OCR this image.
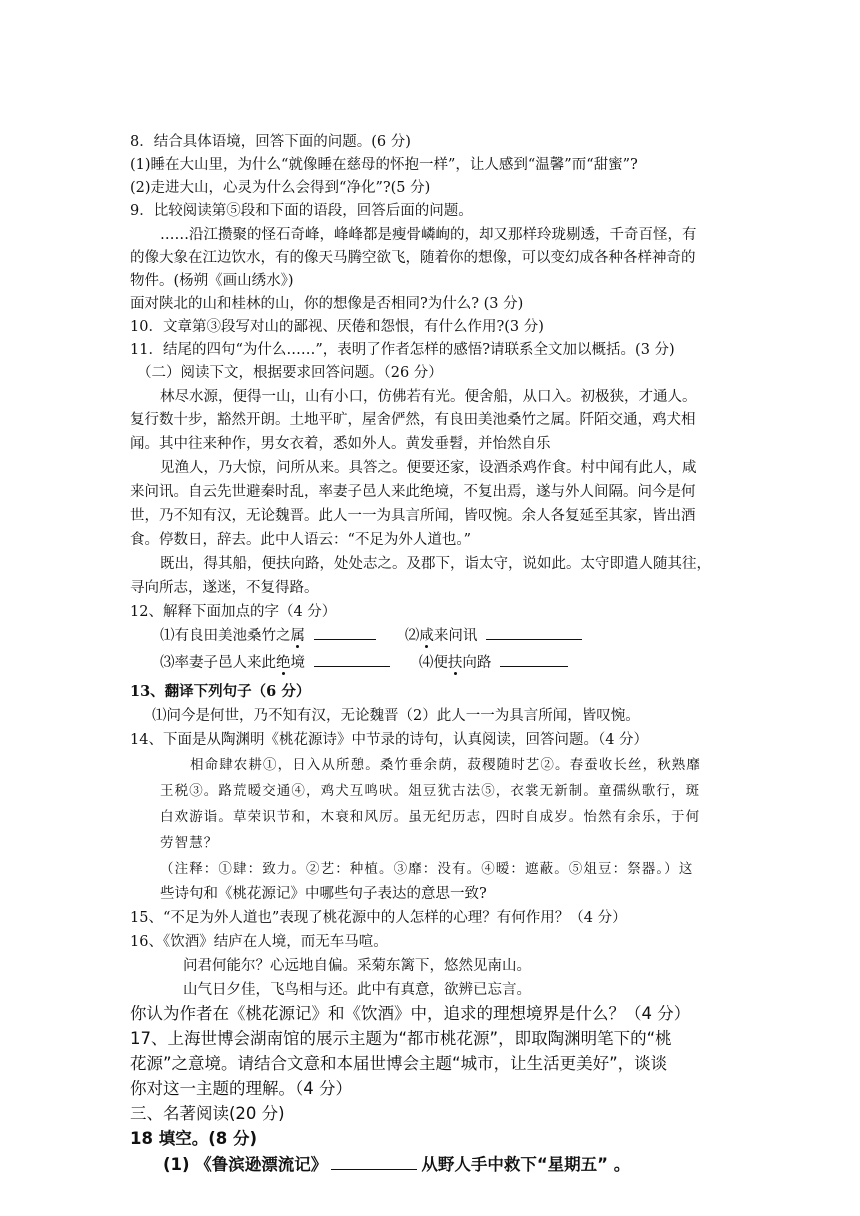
8．结合具体语境，回答下面的问题。(6 分)
(1)睡在大山里，为什么“就像睡在慈母的怀抱一样”，让人感到“温馨”而“甜蜜”?
(2)走进大山，心灵为什么会得到“净化”?(5 分)
9．比较阅读第⑤段和下面的语段，回答后面的问题。
……沿江攒聚的怪石奇峰，峰峰都是瘦骨嶙峋的，却又那样玲珑剔透，千奇百怪，有
的像大象在江边饮水，有的像天马腾空欲飞，随着你的想像，可以变幻成各种各样神奇的
物件。(杨朔《画山绣水》)
面对陕北的山和桂林的山，你的想像是否相同?为什么? (3 分)
10．文章第③段写对山的鄙视、厌倦和怨恨，有什么作用?(3 分)
11．结尾的四句“为什么……”，表明了作者怎样的感悟?请联系全文加以概括。(3 分)
（二）阅读下文，根据要求回答问题。（26 分）
林尽水源，便得一山，山有小口，仿佛若有光。便舍船，从口入。初极狭，才通人。
复行数十步，豁然开朗。土地平旷，屋舍俨然，有良田美池桑竹之属。阡陌交通，鸡犬相
闻。其中往来种作，男女衣着，悉如外人。黄发垂髫，并怡然自乐
见渔人，乃大惊，问所从来。具答之。便要还家，设酒杀鸡作食。村中闻有此人，咸
来问讯。自云先世避秦时乱，率妻子邑人来此绝境，不复出焉，遂与外人间隔。问今是何
世，乃不知有汉，无论魏晋。此人一一为具言所闻，皆叹惋。余人各复延至其家，皆出酒
食。停数日，辞去。此中人语云：“不足为外人道也。”
既出，得其船，便扶向路，处处志之。及郡下，诣太守，说如此。太守即遣人随其往，
寻向所志，遂迷，不复得路。
12、解释下面加点的字（4 分）
⑴有良田美池桑竹之属	⑵咸来问讯
⑶率妻子邑人来此绝境	⑷便扶向路
13、翻译下列句子（6 分）
⑴问今是何世，乃不知有汉，无论魏晋（2）此人一一为具言所闻，皆叹惋。
14、下面是从陶渊明《桃花源诗》中节录的诗句，认真阅读，回答问题。（4 分）
相命肆农耕①，日入从所憩。桑竹垂余荫，菽稷随时艺②。春蚕收长丝，秋熟靡
王税③。路荒暧交通④，鸡犬互鸣吠。俎豆犹古法⑤，衣裳无新制。童孺纵歌行，斑
白欢游诣。草荣识节和，木衰和风厉。虽无纪历志，四时自成岁。怡然有余乐，于何
劳智慧？
（注释：①肆：致力。②艺：种植。③靡：没有。④暧：遮蔽。⑤俎豆：祭器。）这
些诗句和《桃花源记》中哪些句子表达的意思一致?
15、“不足为外人道也”表现了桃花源中的人怎样的心理？有何作用？（4 分）
16、《饮酒》结庐在人境，而无车马喧。
问君何能尔？心远地自偏。采菊东篱下，悠然见南山。
山气日夕佳，飞鸟相与还。此中有真意，欲辨已忘言。
你认为作者在《桃花源记》和《饮酒》中，追求的理想境界是什么？（4 分）
17、上海世博会湖南馆的展示主题为“都市桃花源”，即取陶渊明笔下的“桃
花源”之意境。请结合文意和本届世博会主题“城市，让生活更美好”，谈谈
你对这一主题的理解。（4 分）
三、名著阅读(20 分)
18 填空。(8 分)
(1) 《鲁滨逊漂流记》	从野人手中救下“星期五” 。
